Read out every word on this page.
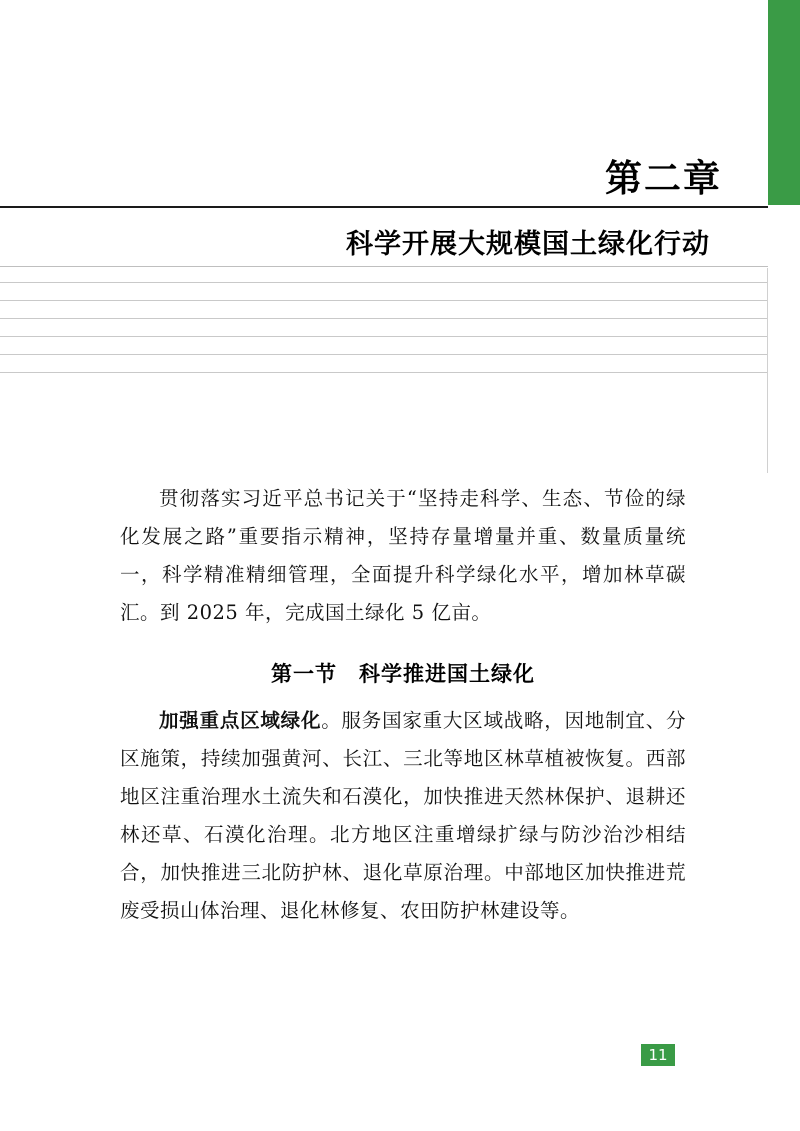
第二章
科学开展大规模国土绿化行动

贯彻落实习近平总书记关于“坚持走科学、生态、节俭的绿化发展之路”重要指示精神，坚持存量增量并重、数量质量统一，科学精准精细管理，全面提升科学绿化水平，增加林草碳汇。到 2025 年，完成国土绿化 5 亿亩。

第一节 科学推进国土绿化

加强重点区域绿化。服务国家重大区域战略，因地制宜、分区施策，持续加强黄河、长江、三北等地区林草植被恢复。西部地区注重治理水土流失和石漠化，加快推进天然林保护、退耕还林还草、石漠化治理。北方地区注重增绿扩绿与防沙治沙相结合，加快推进三北防护林、退化草原治理。中部地区加快推进荒废受损山体治理、退化林修复、农田防护林建设等。

11
